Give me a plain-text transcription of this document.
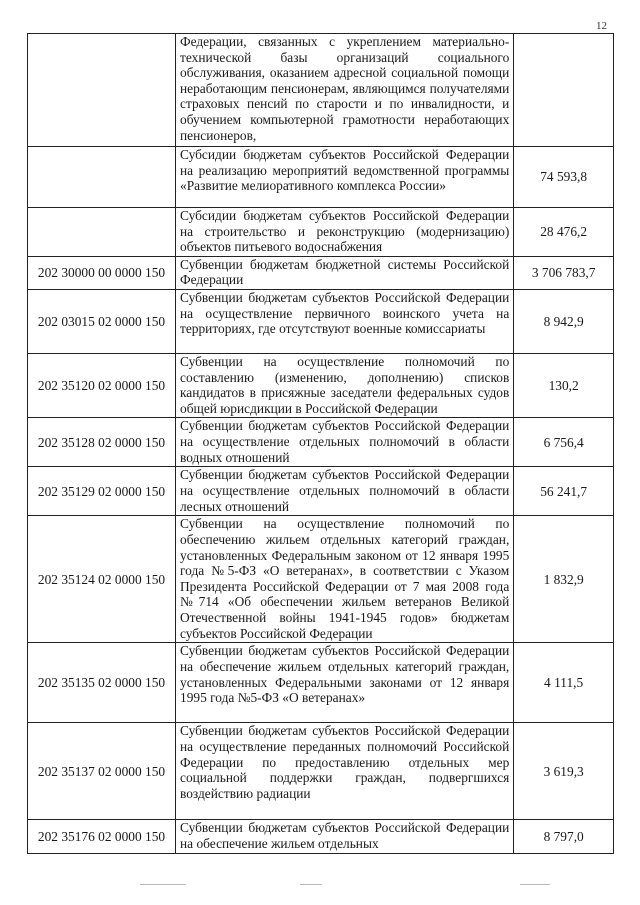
12
	Федерации, связанных с укреплением материально-технической базы организаций социального обслуживания, оказанием адресной социальной помощи неработающим пенсионерам, являющимся получателями страховых пенсий по старости и по инвалидности, и обучением компьютерной грамотности неработающих пенсионеров,	
	Субсидии бюджетам субъектов Российской Федерации на реализацию мероприятий ведомственной программы «Развитие мелиоративного комплекса России»	74 593,8
	Субсидии бюджетам субъектов Российской Федерации на строительство и реконструкцию (модернизацию) объектов питьевого водоснабжения	28 476,2
202 30000 00 0000 150	Субвенции бюджетам бюджетной системы Российской Федерации	3 706 783,7
202 03015 02 0000 150	Субвенции бюджетам субъектов Российской Федерации на осуществление первичного воинского учета на территориях, где отсутствуют военные комиссариаты	8 942,9
202 35120 02 0000 150	Субвенции на осуществление полномочий по составлению (изменению, дополнению) списков кандидатов в присяжные заседатели федеральных судов общей юрисдикции в Российской Федерации	130,2
202 35128 02 0000 150	Субвенции бюджетам субъектов Российской Федерации на осуществление отдельных полномочий в области водных отношений	6 756,4
202 35129 02 0000 150	Субвенции бюджетам субъектов Российской Федерации на осуществление отдельных полномочий в области лесных отношений	56 241,7
202 35124 02 0000 150	Субвенции на осуществление полномочий по обеспечению жильем отдельных категорий граждан, установленных Федеральным законом от 12 января 1995 года №5-ФЗ «О ветеранах», в соответствии с Указом Президента Российской Федерации от 7 мая 2008 года №714 «Об обеспечении жильем ветеранов Великой Отечественной войны 1941-1945 годов» бюджетам субъектов Российской Федерации	1 832,9
202 35135 02 0000 150	Субвенции бюджетам субъектов Российской Федерации на обеспечение жильем отдельных категорий граждан, установленных Федеральными законами от 12 января 1995 года №5-ФЗ «О ветеранах»	4 111,5
202 35137 02 0000 150	Субвенции бюджетам субъектов Российской Федерации на осуществление переданных полномочий Российской Федерации по предоставлению отдельных мер социальной поддержки граждан, подвергшихся воздействию радиации	3 619,3
202 35176 02 0000 150	Субвенции бюджетам субъектов Российской Федерации на обеспечение жильем отдельных	8 797,0
